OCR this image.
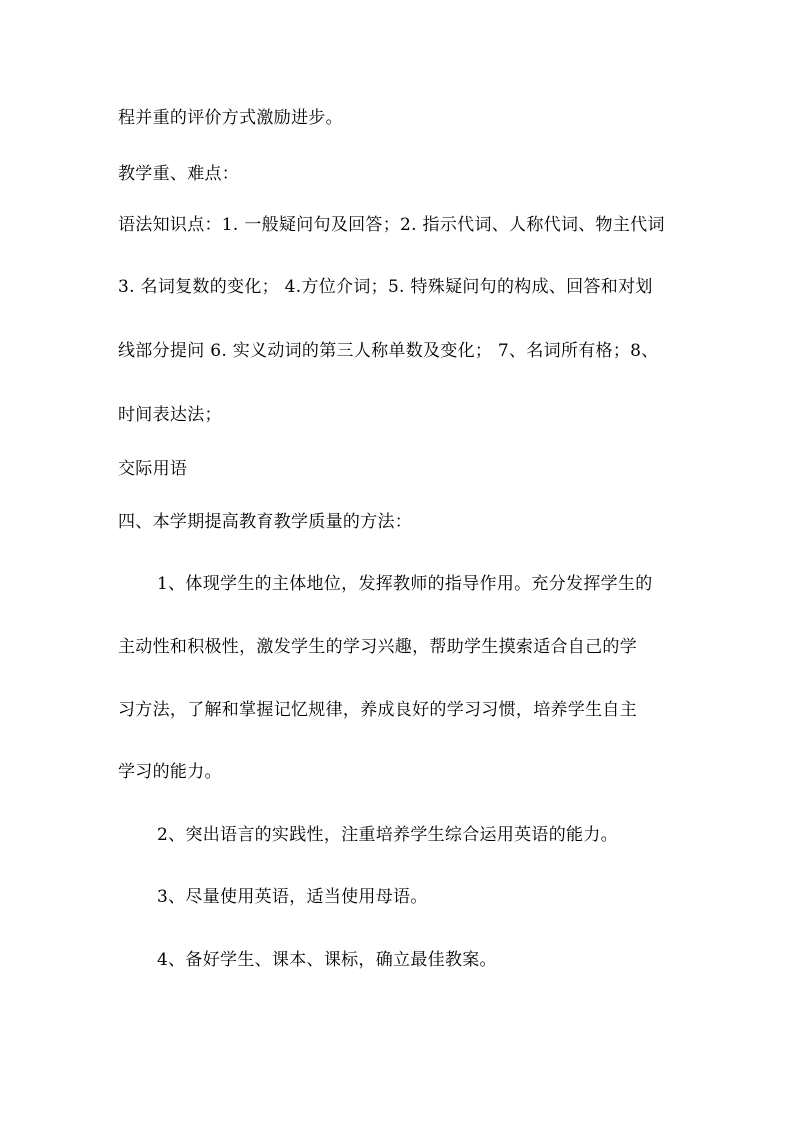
程并重的评价方式激励进步。
教学重、难点：
语法知识点：1. 一般疑问句及回答；2. 指示代词、人称代词、物主代词
3. 名词复数的变化； 4.方位介词；5. 特殊疑问句的构成、回答和对划
线部分提问 6. 实义动词的第三人称单数及变化； 7、名词所有格；8、
时间表达法；
交际用语
四、本学期提高教育教学质量的方法：
1、体现学生的主体地位，发挥教师的指导作用。充分发挥学生的
主动性和积极性，激发学生的学习兴趣，帮助学生摸索适合自己的学
习方法，了解和掌握记忆规律，养成良好的学习习惯，培养学生自主
学习的能力。
2、突出语言的实践性，注重培养学生综合运用英语的能力。
3、尽量使用英语，适当使用母语。
4、备好学生、课本、课标，确立最佳教案。
